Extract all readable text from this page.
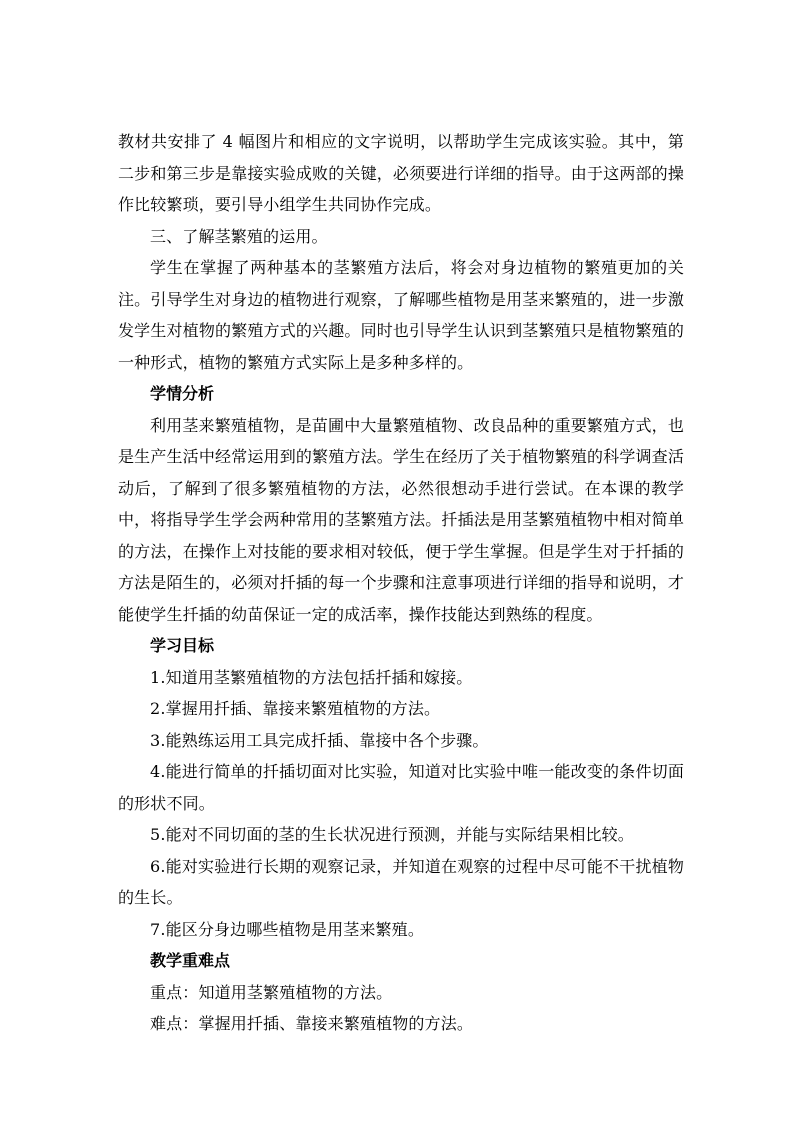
教材共安排了 4 幅图片和相应的文字说明，以帮助学生完成该实验。其中，第二步和第三步是靠接实验成败的关键，必须要进行详细的指导。由于这两部的操作比较繁琐，要引导小组学生共同协作完成。

三、了解茎繁殖的运用。

学生在掌握了两种基本的茎繁殖方法后，将会对身边植物的繁殖更加的关注。引导学生对身边的植物进行观察，了解哪些植物是用茎来繁殖的，进一步激发学生对植物的繁殖方式的兴趣。同时也引导学生认识到茎繁殖只是植物繁殖的一种形式，植物的繁殖方式实际上是多种多样的。

学情分析

利用茎来繁殖植物，是苗圃中大量繁殖植物、改良品种的重要繁殖方式，也是生产生活中经常运用到的繁殖方法。学生在经历了关于植物繁殖的科学调查活动后，了解到了很多繁殖植物的方法，必然很想动手进行尝试。在本课的教学中，将指导学生学会两种常用的茎繁殖方法。扦插法是用茎繁殖植物中相对简单的方法，在操作上对技能的要求相对较低，便于学生掌握。但是学生对于扦插的方法是陌生的，必须对扦插的每一个步骤和注意事项进行详细的指导和说明，才能使学生扦插的幼苗保证一定的成活率，操作技能达到熟练的程度。

学习目标

1.知道用茎繁殖植物的方法包括扦插和嫁接。

2.掌握用扦插、靠接来繁殖植物的方法。

3.能熟练运用工具完成扦插、靠接中各个步骤。

4.能进行简单的扦插切面对比实验，知道对比实验中唯一能改变的条件切面的形状不同。

5.能对不同切面的茎的生长状况进行预测，并能与实际结果相比较。

6.能对实验进行长期的观察记录，并知道在观察的过程中尽可能不干扰植物的生长。

7.能区分身边哪些植物是用茎来繁殖。

教学重难点

重点：知道用茎繁殖植物的方法。

难点：掌握用扦插、靠接来繁殖植物的方法。
